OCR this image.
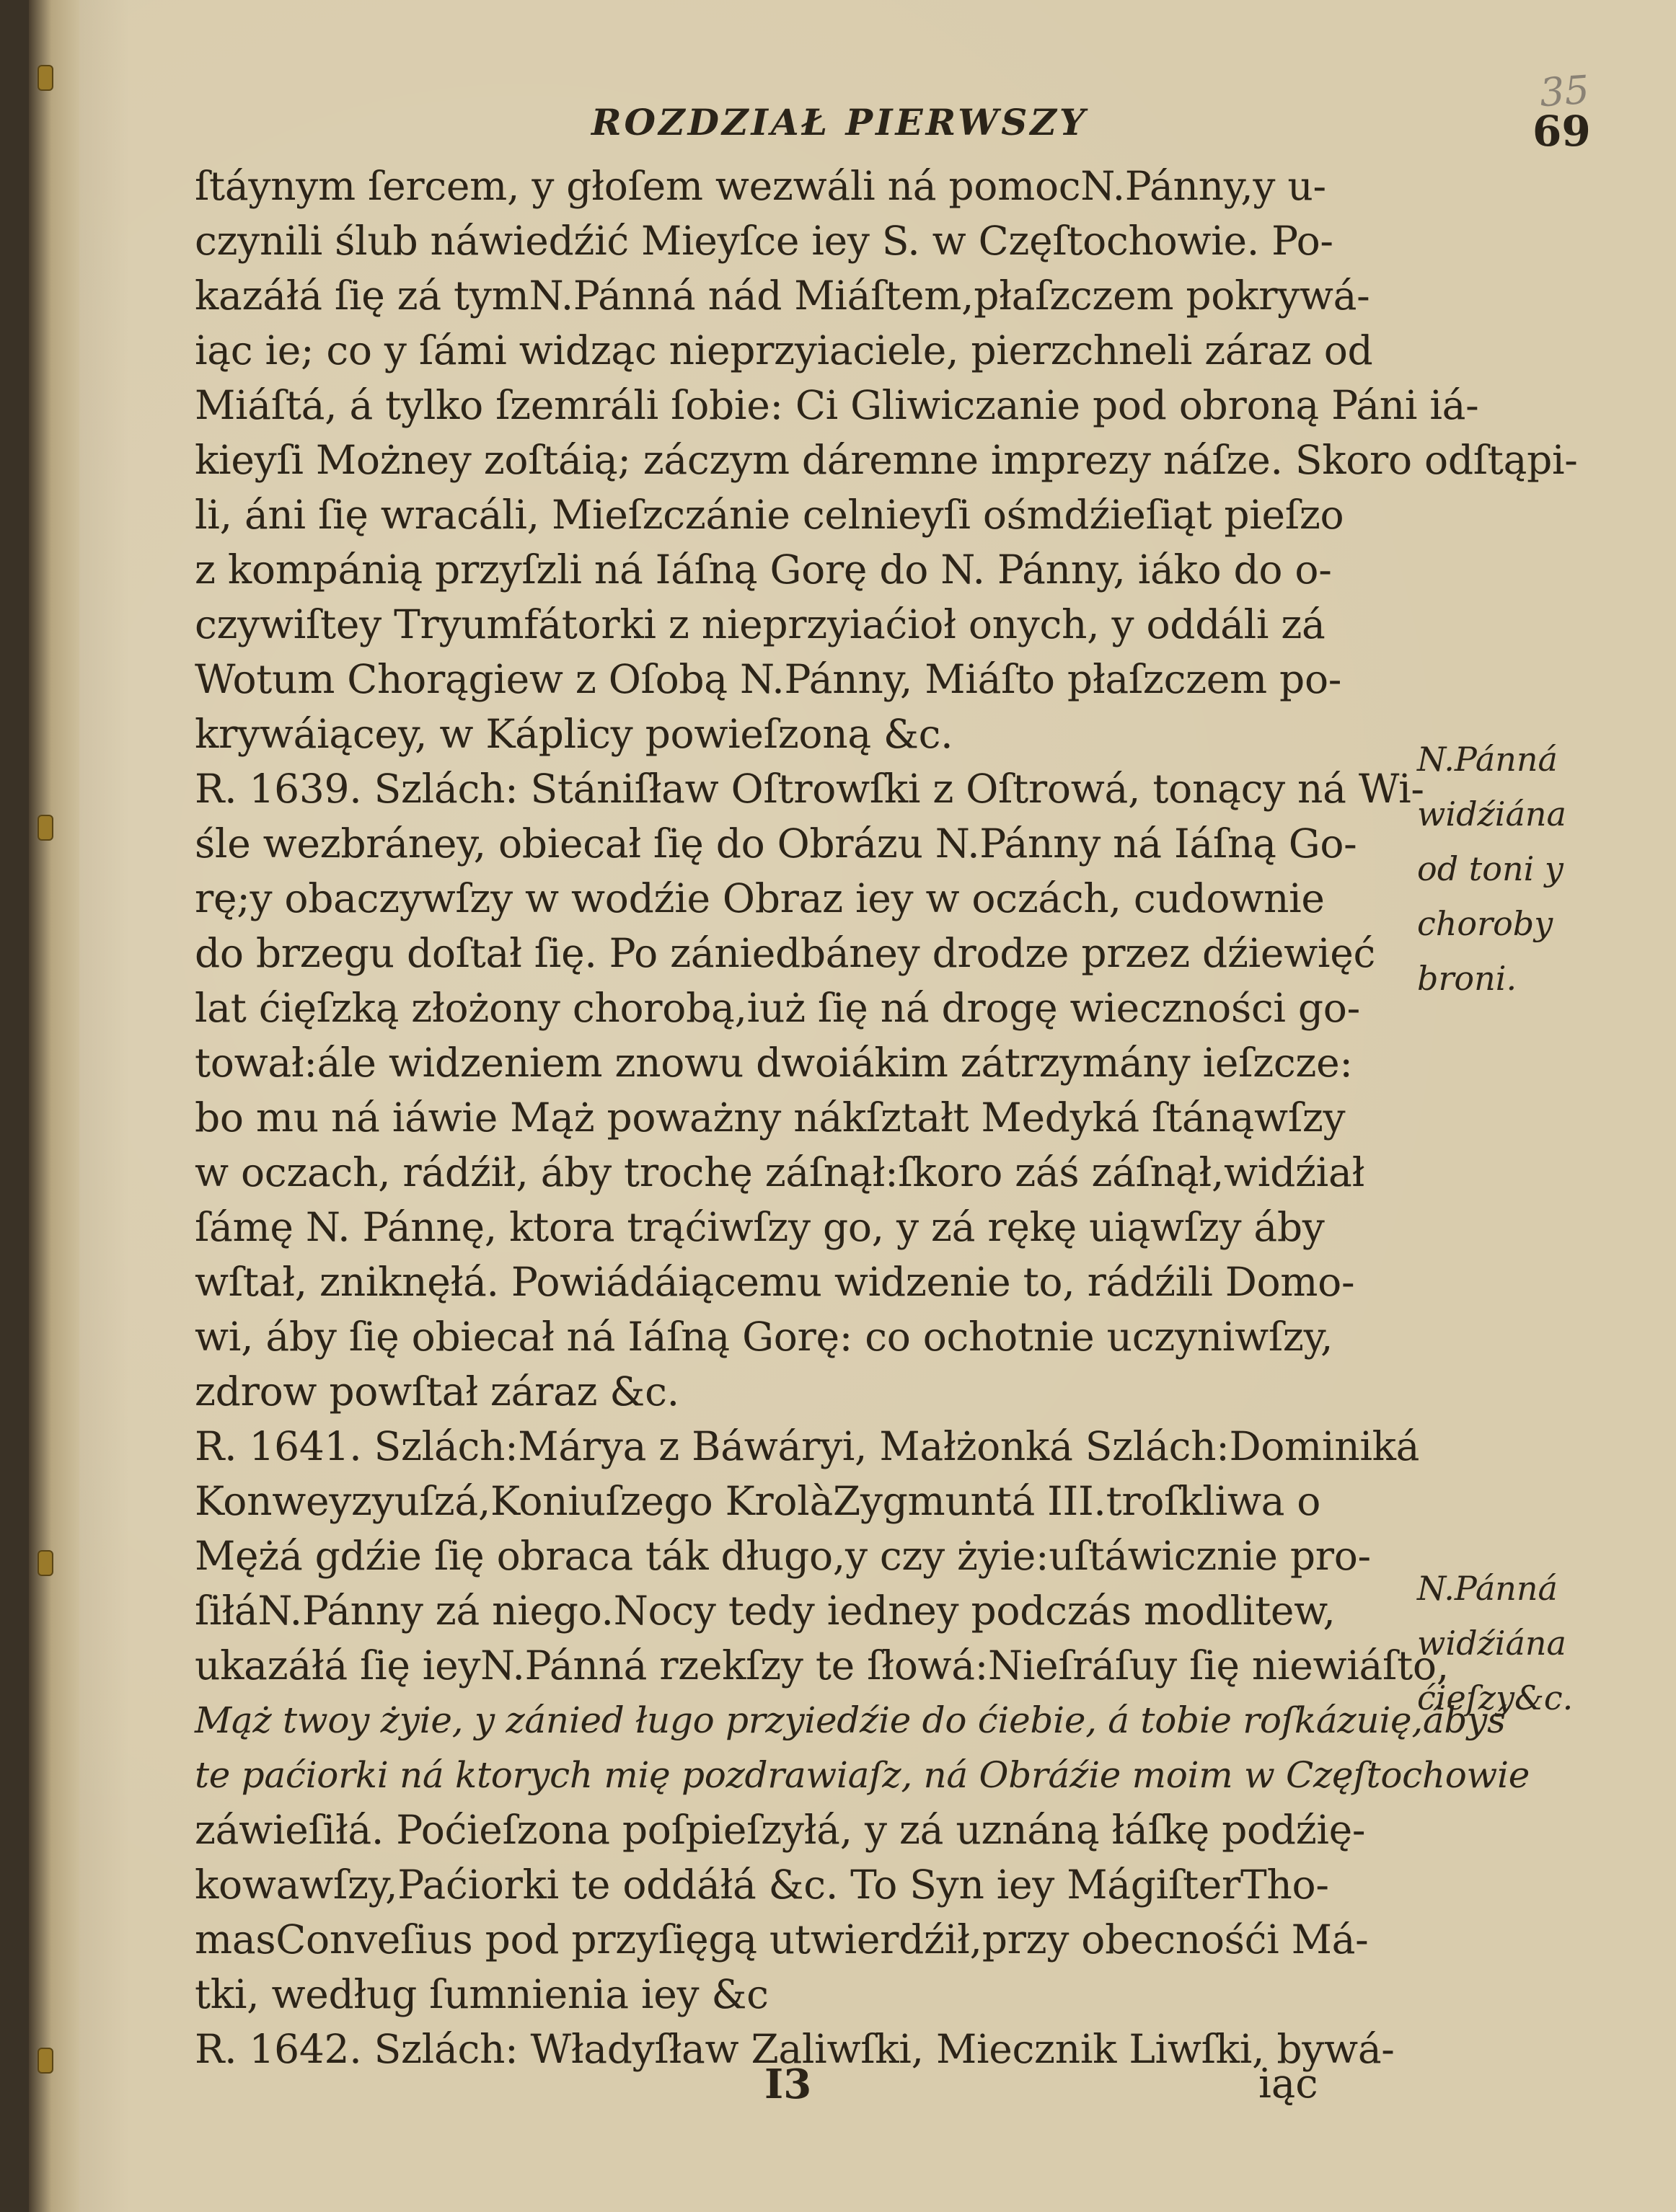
35
ROZDZIAŁ PIERWSZY	69
ſtáynym ſercem, y głoſem wezwáli ná pomocN.Pánny,y u-
czynili ślub náwiedźić Mieyſce iey S. w Częſtochowie. Po-
kazáłá ſię zá tymN.Pánná nád Miáſtem,płaſzczem pokrywá-
iąc ie; co y ſámi widząc nieprzyiaciele, pierzchneli záraz od
Miáſtá, á tylko ſzemráli ſobie: Ci Gliwiczanie pod obroną Páni iá-
kieyſi Możney zoſtáią; záczym dáremne imprezy náſze. Skoro odſtąpi-
li, áni ſię wracáli, Mieſzczánie celnieyſi ośmdźieſiąt pieſzo
z kompánią przyſzli ná Iáſną Gorę do N. Pánny, iáko do o-
czywiſtey Tryumfátorki z nieprzyiaćioł onych, y oddáli zá
Wotum Chorągiew z Oſobą N.Pánny, Miáſto płaſzczem po-
krywáiącey, w Káplicy powieſzoną &c.
R. 1639. Szlách: Stániſław Oſtrowſki z Oſtrowá, tonący ná Wi-
śle wezbráney, obiecał ſię do Obrázu N.Pánny ná Iáſną Go-
rę;y obaczywſzy w wodźie Obraz iey w oczách, cudownie
do brzegu doſtał ſię. Po zániedbáney drodze przez dźiewięć
lat ćięſzką złożony chorobą,iuż ſię ná drogę wieczności go-
tował:ále widzeniem znowu dwoiákim zátrzymány ieſzcze:
bo mu ná iáwie Mąż poważny nákſztałt Medyká ſtánąwſzy
w oczach, rádźił, áby trochę záſnął:ſkoro záś záſnął,widźiał
ſámę N. Pánnę, ktora trąćiwſzy go, y zá rękę uiąwſzy áby
wſtał, zniknęłá. Powiádáiącemu widzenie to, rádźili Domo-
wi, áby ſię obiecał ná Iáſną Gorę: co ochotnie uczyniwſzy,
zdrow powſtał záraz &c.
R. 1641. Szlách:Márya z Báwáryi, Małżonká Szlách:Dominiká
Konweyzyuſzá,Koniuſzego KrolàZygmuntá III.troſkliwa o
Mężá gdźie ſię obraca ták długo,y czy żyie:uſtáwicznie pro-
ſiłáN.Pánny zá niego.Nocy tedy iedney podczás modlitew,
ukazáłá ſię ieyN.Pánná rzekſzy te ſłowá:Nieſráſuy ſię niewiáſto,
Mąż twoy żyie, y zánied ługo przyiedźie do ćiebie, á tobie roſkázuię,ábyś
te paćiorki ná ktorych mię pozdrawiaſz, ná Obráźie moim w Częſtochowie
záwieſiłá. Poćieſzona poſpieſzyłá, y zá uznáną łáſkę podźię-
kowawſzy,Paćiorki te oddáłá &c. To Syn iey MágiſterTho-
masConveſius pod przyſięgą utwierdźił,przy obecnośći Má-
tki, według ſumnienia iey &c
R. 1642. Szlách: Władyſław Zaliwſki, Miecznik Liwſki, bywá-
N.Pánná
widźiána
od toni y
choroby
broni.
N.Pánná
widźiána
ćieſzy&c.
I3	iąc
